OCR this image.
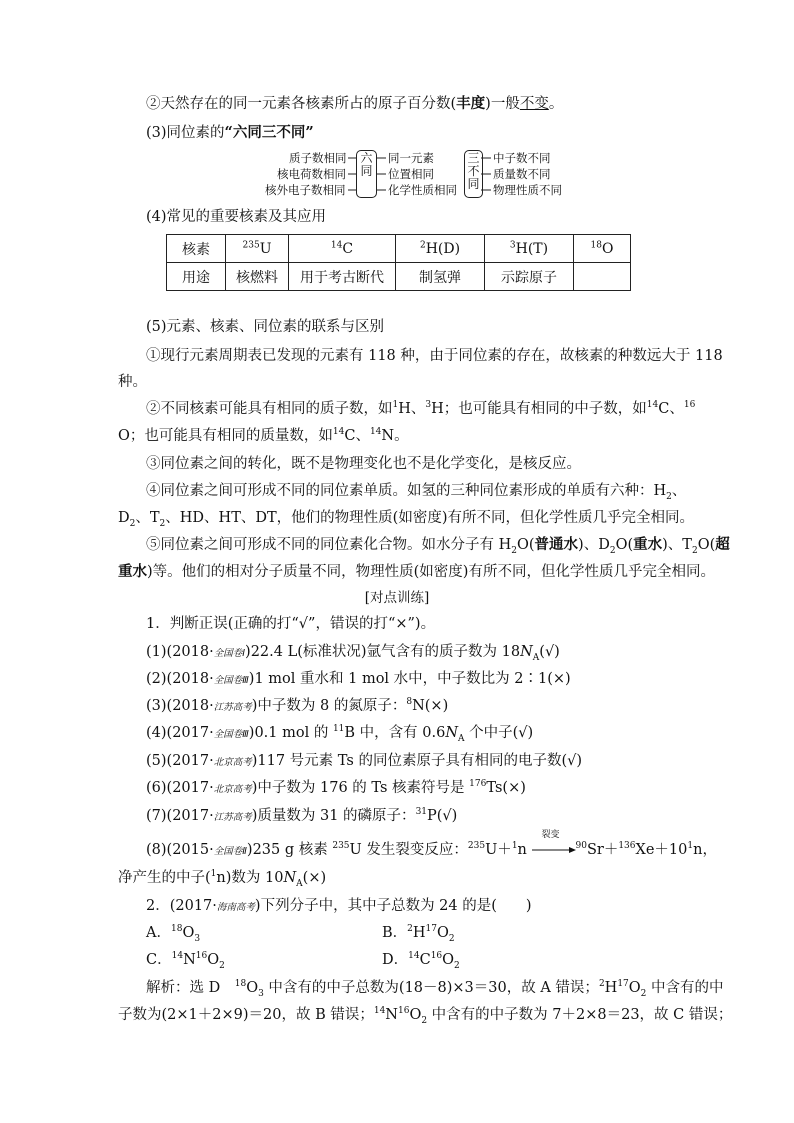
②天然存在的同一元素各核素所占的原子百分数(丰度)一般不变。
(3)同位素的“六同三不同”
质子数相同
核电荷数相同
核外电子数相同
六同
同一元素
位置相同
化学性质相同
三不同
中子数不同
质量数不同
物理性质不同
(4)常见的重要核素及其应用
核素	$^{235}$U	$^{14}$C	$^2$H(D)	$^3$H(T)	$^{18}$O
用途	核燃料	用于考古断代	制氢弹	示踪原子	
(5)元素、核素、同位素的联系与区别
①现行元素周期表已发现的元素有 118 种，由于同位素的存在，故核素的种数远大于 118
种。
②不同核素可能具有相同的质子数，如$^1$H、$^3$H；也可能具有相同的中子数，如$^{14}$C、$^{16}$
O；也可能具有相同的质量数，如$^{14}$C、$^{14}$N。
③同位素之间的转化，既不是物理变化也不是化学变化，是核反应。
④同位素之间可形成不同的同位素单质。如氢的三种同位素形成的单质有六种：$H_2$、
$D_2$、$T_2$、HD、HT、DT，他们的物理性质(如密度)有所不同，但化学性质几乎完全相同。
⑤同位素之间可形成不同的同位素化合物。如水分子有 $H_2O$(普通水)、$D_2O$(重水)、$T_2O$(超
重水)等。他们的相对分子质量不同，物理性质(如密度)有所不同，但化学性质几乎完全相同。
[对点训练]
1．判断正误(正确的打“√”，错误的打“×”)。
(1)(2018·全国卷Ⅰ)22.4 L(标准状况)氩气含有的质子数为 $18N_A(√)$
(2)(2018·全国卷Ⅲ)1 mol 重水和 1 mol 水中，中子数比为 2∶1(×)
(3)(2018·江苏高考)中子数为 8 的氮原子：$^8$N(×)
(4)(2017·全国卷Ⅲ)0.1 mol 的 $^{11}$B 中，含有 $0.6N_A$ 个中子(√)
(5)(2017·北京高考)117 号元素 Ts 的同位素原子具有相同的电子数(√)
(6)(2017·北京高考)中子数为 176 的 Ts 核素符号是 $^{176}$Ts(×)
(7)(2017·江苏高考)质量数为 31 的磷原子：$^{31}$P(√)
(8)(2015·全国卷Ⅱ)235 g 核素 $^{235}$U 发生裂变反应：$^{235}$U＋$^1$n
裂变
$^{90}Sr+^{136}Xe+10^1n$，
净产生的中子($^1$n)数为 $10N_A(\times)$
2．(2017·海南高考)下列分子中，其中子总数为 24 的是(　　)
A．$^{18}O_3$	B．$^2H^{17}O_2$
C．$^{14}N^{16}O_2$	D．$^{14}C^{16}O_2$
解析：选 D　$^{18}O_3$ 中含有的中子总数为(18－8)×3＝30，故 A 错误；$^2H^{17}O_2$ 中含有的中
子数为(2×1＋2×9)＝20，故 B 错误；$^{14}N^{16}O_2$ 中含有的中子数为 7＋2×8＝23，故 C 错误；
